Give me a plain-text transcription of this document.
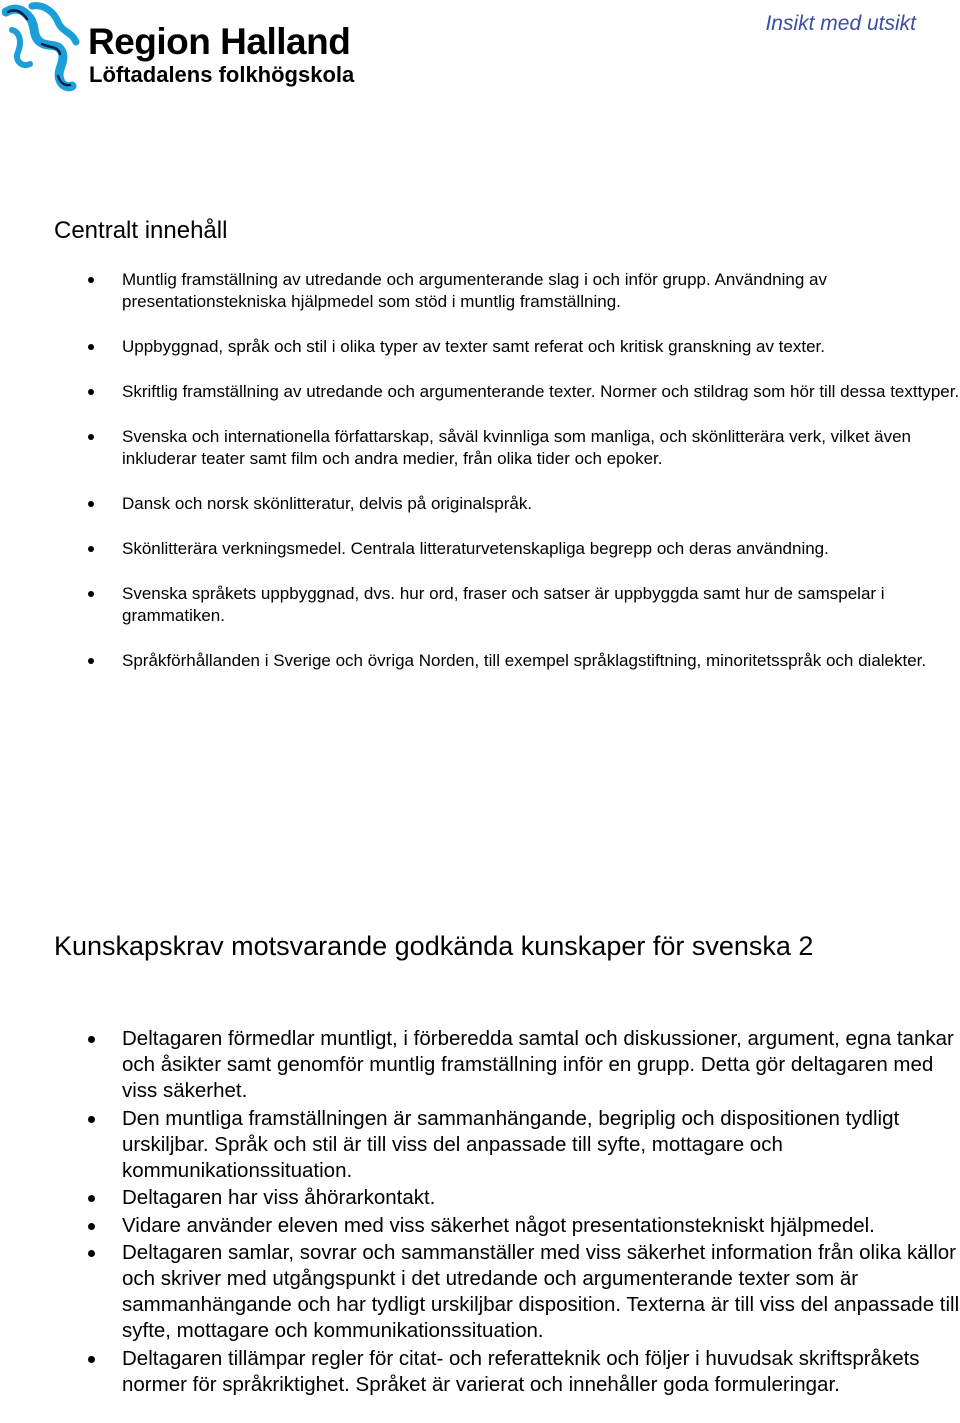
Region Halland
Löftadalens folkhögskola
Insikt med utsikt
Centralt innehåll
Muntlig framställning av utredande och argumenterande slag i och inför grupp. Användning av presentationstekniska hjälpmedel som stöd i muntlig framställning.
Uppbyggnad, språk och stil i olika typer av texter samt referat och kritisk granskning av texter.
Skriftlig framställning av utredande och argumenterande texter. Normer och stildrag som hör till dessa texttyper.
Svenska och internationella författarskap, såväl kvinnliga som manliga, och skönlitterära verk, vilket även inkluderar teater samt film och andra medier, från olika tider och epoker.
Dansk och norsk skönlitteratur, delvis på originalspråk.
Skönlitterära verkningsmedel. Centrala litteraturvetenskapliga begrepp och deras användning.
Svenska språkets uppbyggnad, dvs. hur ord, fraser och satser är uppbyggda samt hur de samspelar i grammatiken.
Språkförhållanden i Sverige och övriga Norden, till exempel språklagstiftning, minoritetsspråk och dialekter.
Kunskapskrav motsvarande godkända kunskaper för svenska 2
Deltagaren förmedlar muntligt, i förberedda samtal och diskussioner, argument, egna tankar och åsikter samt genomför muntlig framställning inför en grupp. Detta gör deltagaren med viss säkerhet.
Den muntliga framställningen är sammanhängande, begriplig och dispositionen tydligt urskiljbar. Språk och stil är till viss del anpassade till syfte, mottagare och kommunikationssituation.
Deltagaren har viss åhörarkontakt.
Vidare använder eleven med viss säkerhet något presentationstekniskt hjälpmedel.
Deltagaren samlar, sovrar och sammanställer med viss säkerhet information från olika källor och skriver med utgångspunkt i det utredande och argumenterande texter som är sammanhängande och har tydligt urskiljbar disposition. Texterna är till viss del anpassade till syfte, mottagare och kommunikationssituation.
Deltagaren tillämpar regler för citat- och referatteknik och följer i huvudsak skriftspråkets normer för språkriktighet. Språket är varierat och innehåller goda formuleringar.
